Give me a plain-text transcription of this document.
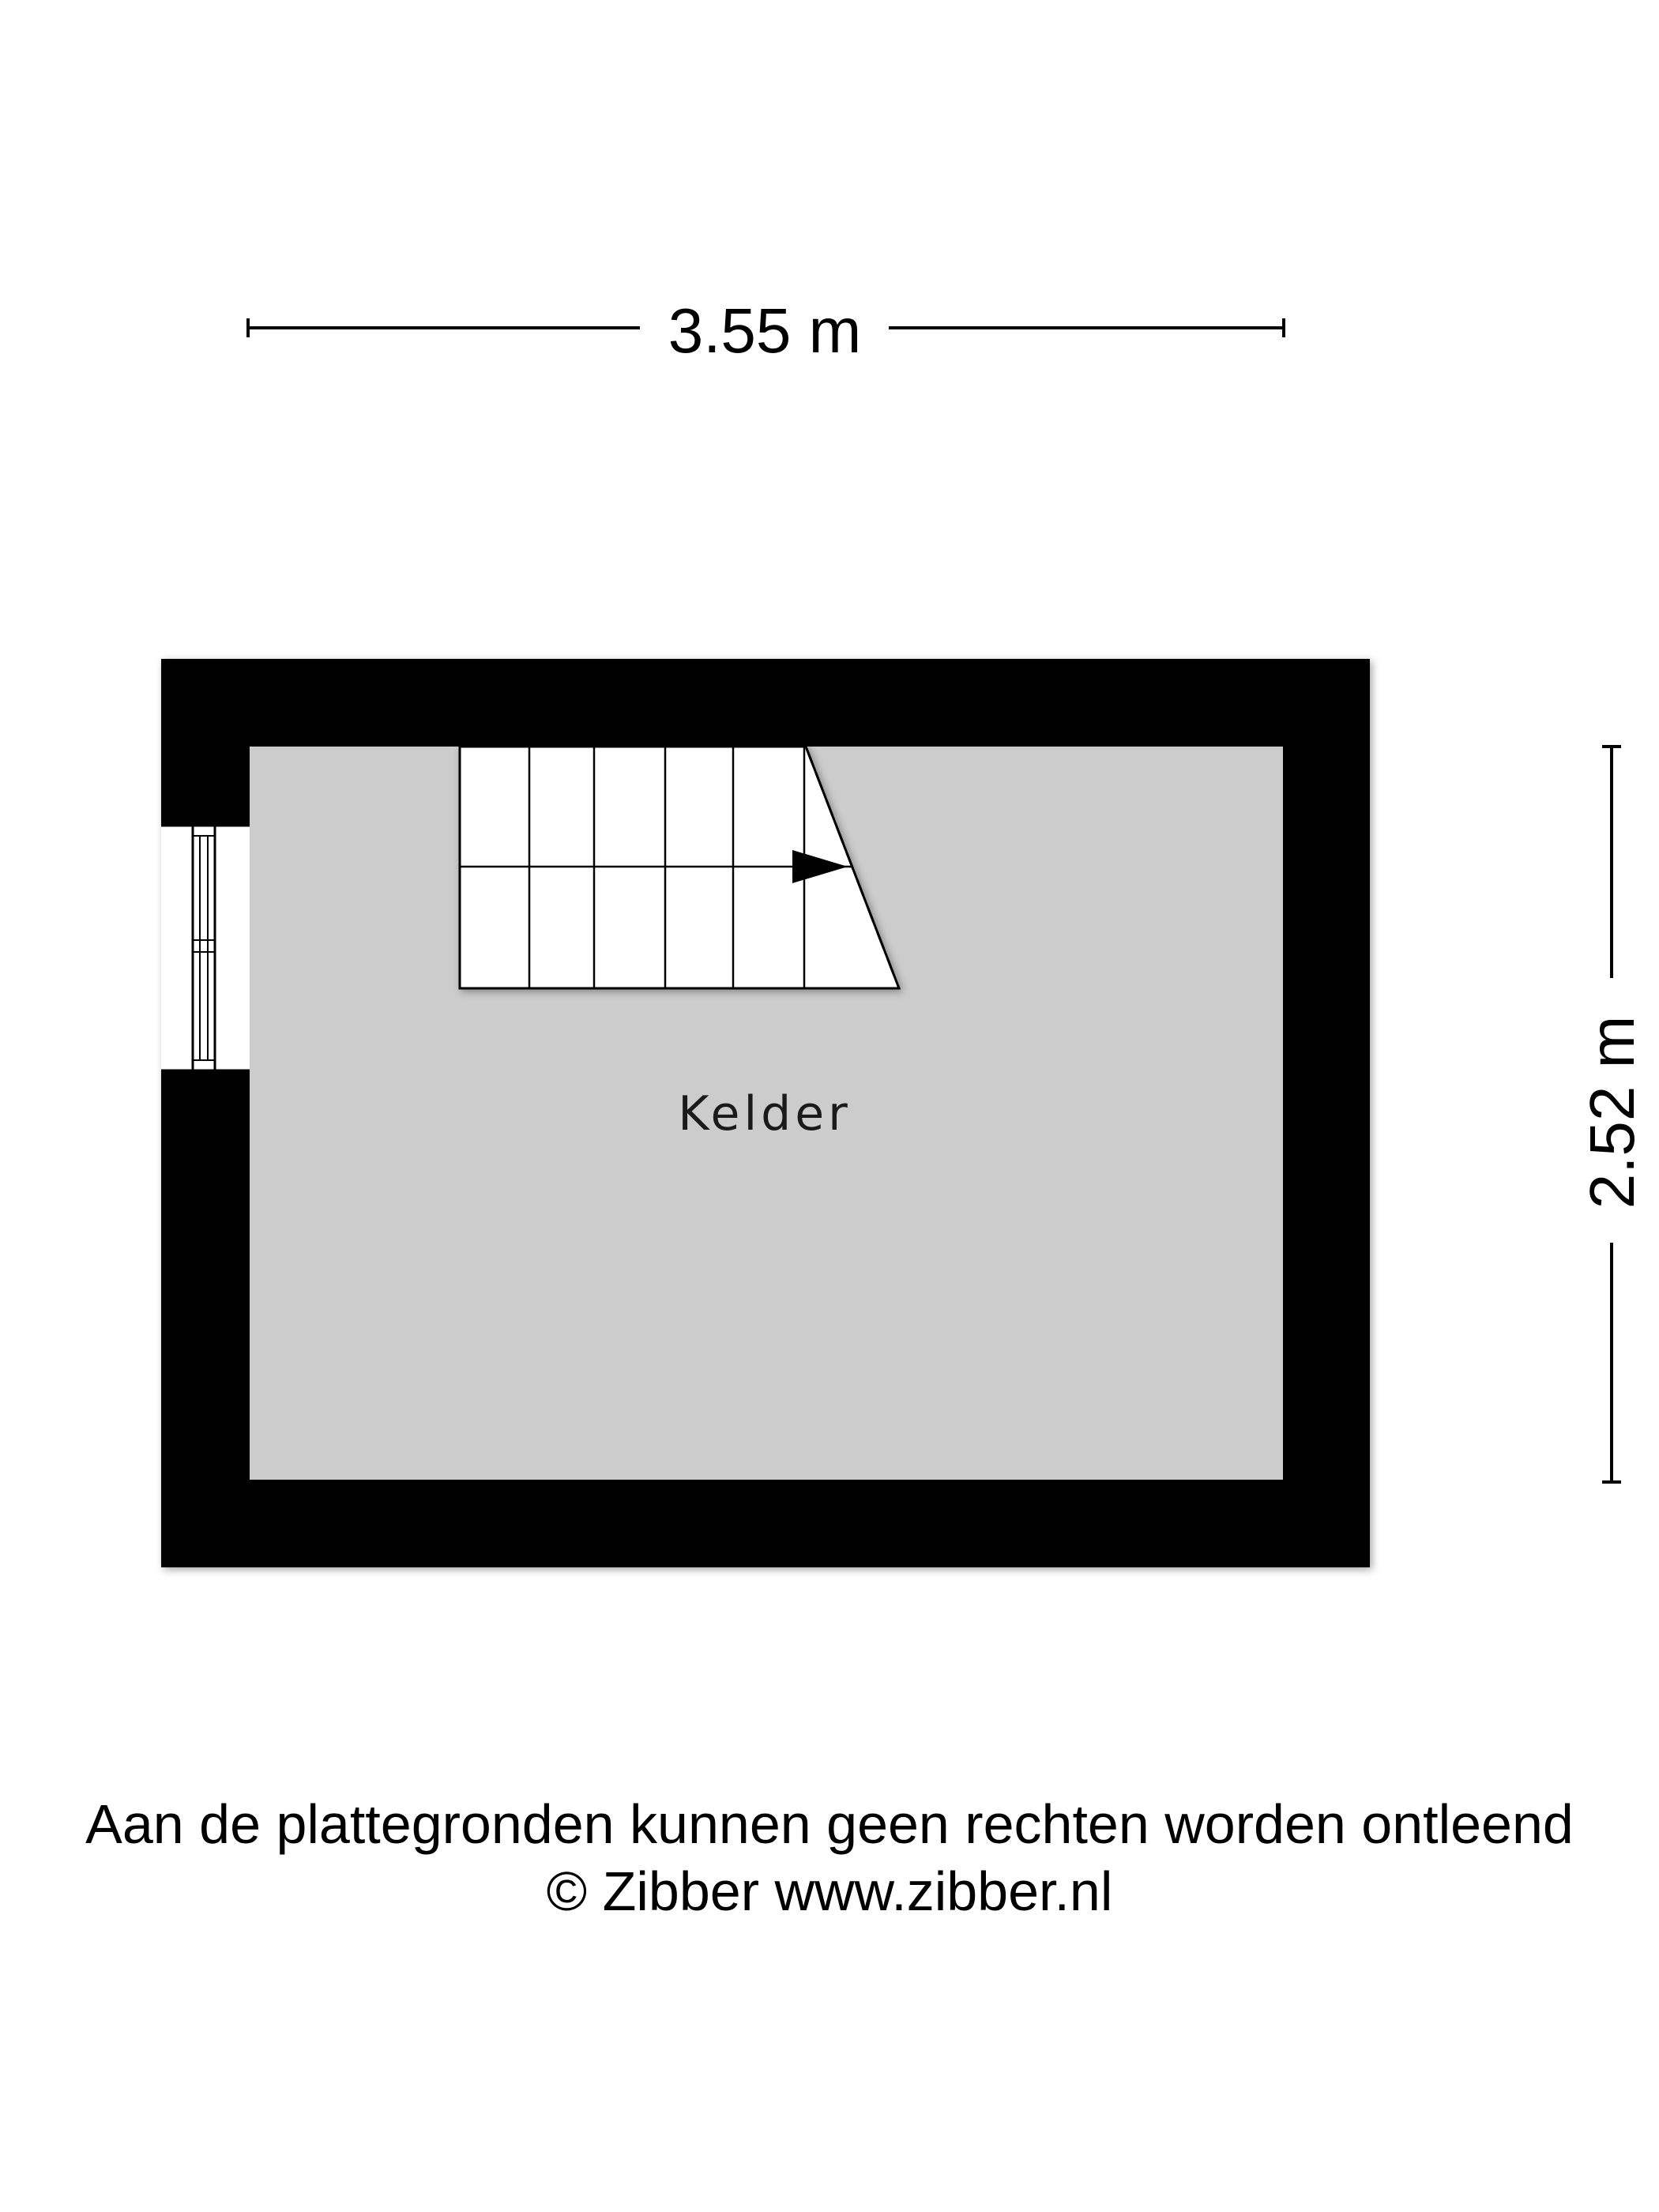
3.55 m
2.52 m
Kelder
Aan de plattegronden kunnen geen rechten worden ontleend
© Zibber www.zibber.nl
